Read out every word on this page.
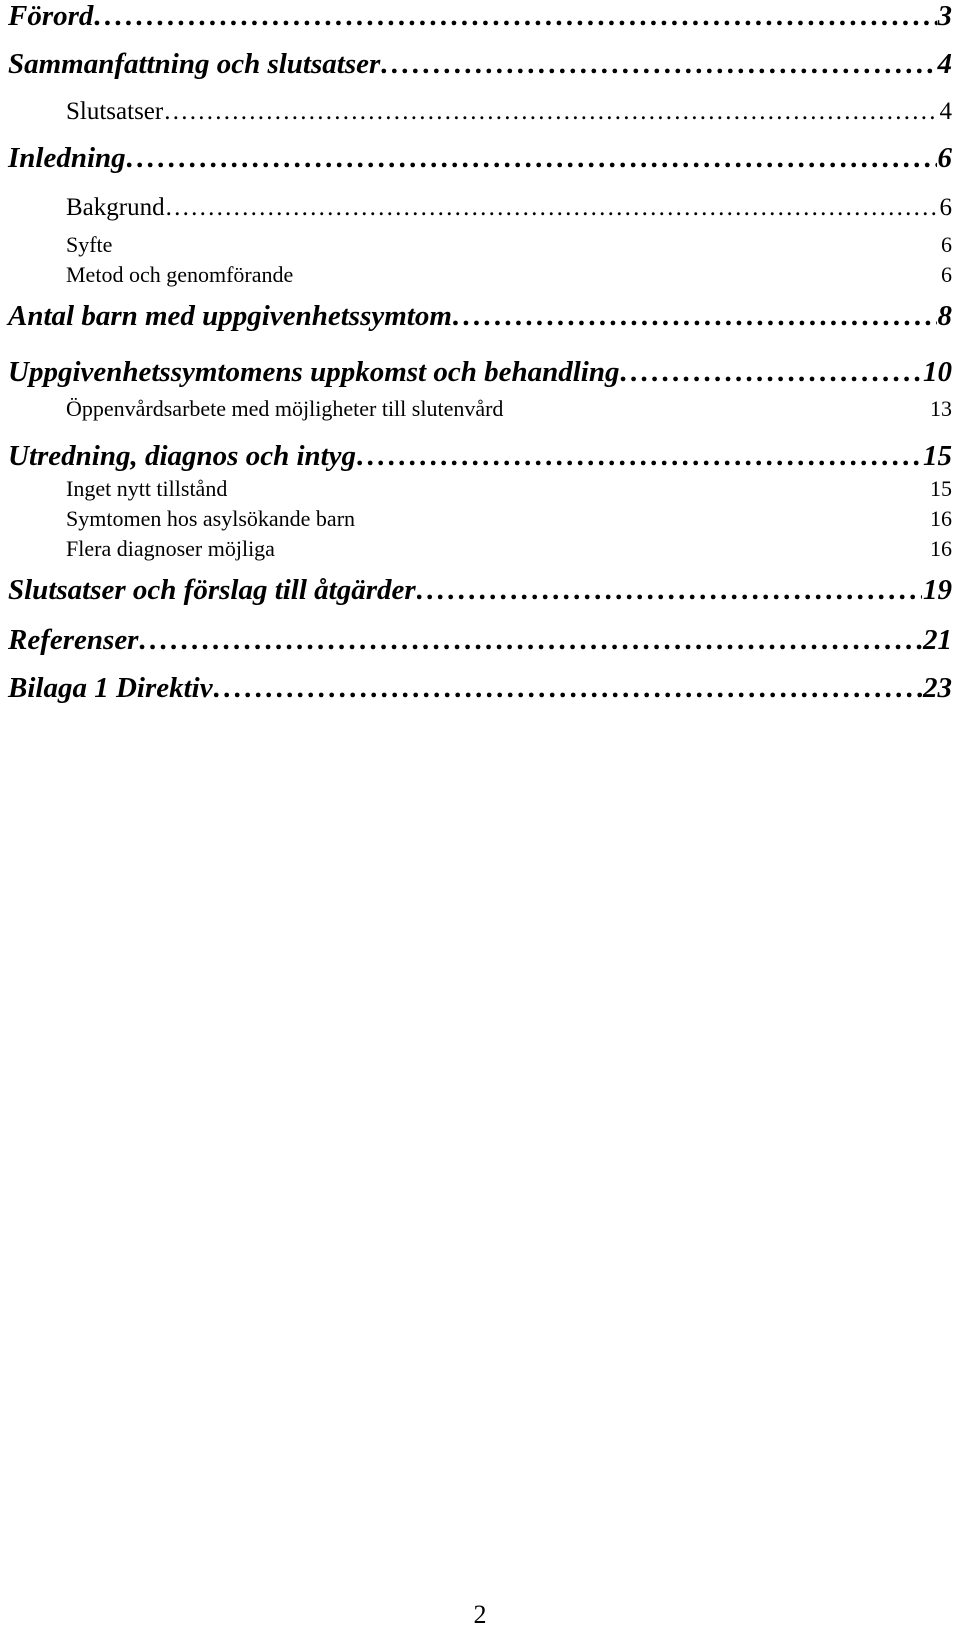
Förord . . .	3
Sammanfattning och slutsatser . . .	4
Slutsatser . . .	4
Inledning . . .	6
Bakgrund . . .	6
Syfte	6
Metod och genomförande	6
Antal barn med uppgivenhetssymtom . . .	8
Uppgivenhetssymtomens uppkomst och behandling . . .	10
Öppenvårdsarbete med möjligheter till slutenvård	13
Utredning, diagnos och intyg . . .	15
Inget nytt tillstånd	15
Symtomen hos asylsökande barn	16
Flera diagnoser möjliga	16
Slutsatser och förslag till åtgärder . . .	19
Referenser . . .	21
Bilaga 1 Direktiv . . .	23
2
